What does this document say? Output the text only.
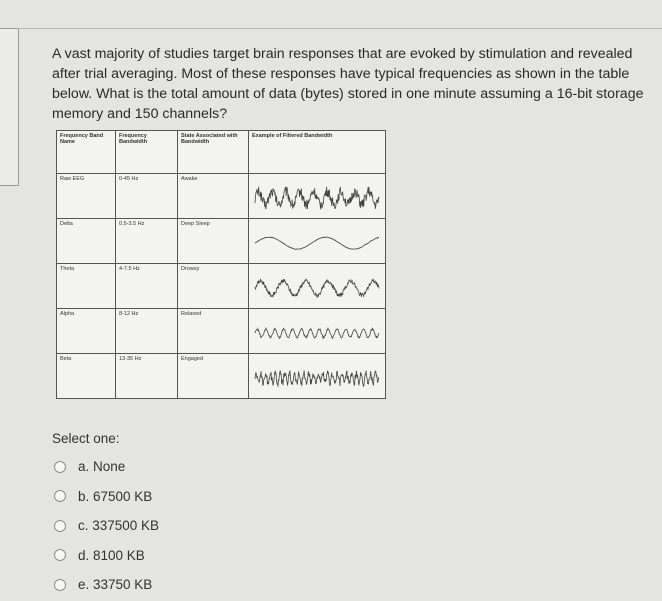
A vast majority of studies target brain responses that are evoked by stimulation and revealed after trial averaging. Most of these responses have typical frequencies as shown in the table below. What is the total amount of data (bytes) stored in one minute assuming a 16-bit storage memory and 150 channels?
Frequency Band Name	Frequency Bandwidth	State Associated with Bandwidth	Example of Filtered Bandwidth
Raw EEG	0-45 Hz	Awake	

Delta	0.5-3.5 Hz	Deep Sleep	

Theta	4-7.5 Hz	Drowsy	

Alpha	8-12 Hz	Relaxed	

Beta	13-35 Hz	Engaged	
Select one:
a. None
b. 67500 KB
c. 337500 KB
d. 8100 KB
e. 33750 KB
